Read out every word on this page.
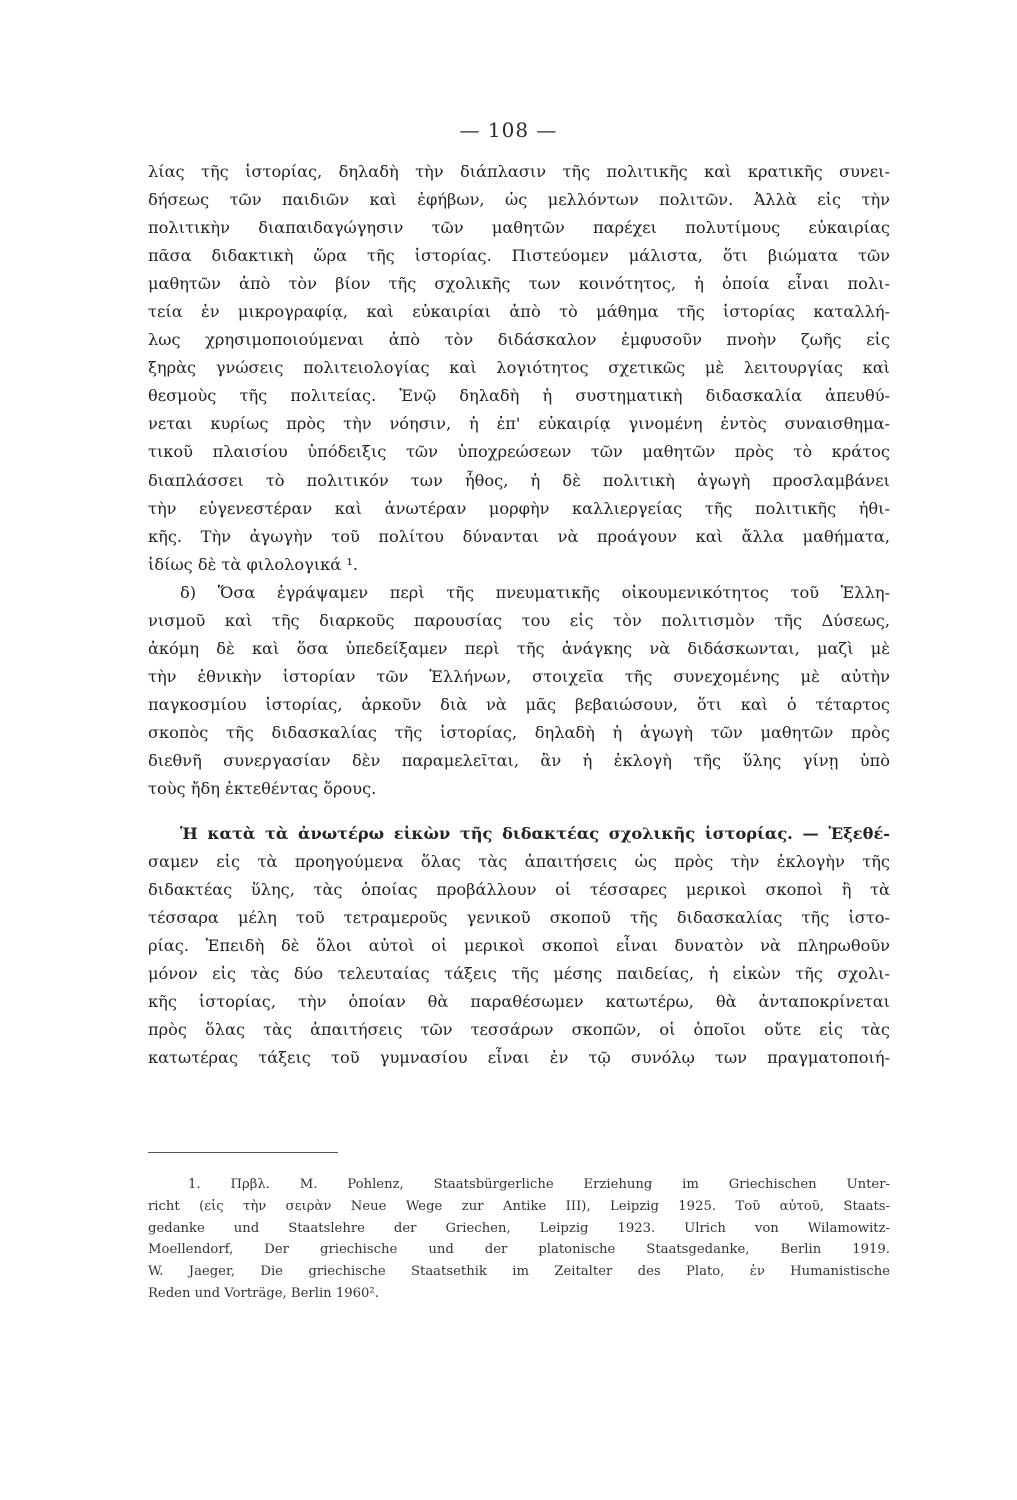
— 108 —
λίας τῆς ἱστορίας, δηλαδὴ τὴν διάπλασιν τῆς πολιτικῆς καὶ κρατικῆς συνει-
δήσεως τῶν παιδιῶν καὶ ἐφήβων, ὡς μελλόντων πολιτῶν. Ἀλλὰ εἰς τὴν
πολιτικὴν διαπαιδαγώγησιν τῶν μαθητῶν παρέχει πολυτίμους εὐκαιρίας
πᾶσα διδακτικὴ ὥρα τῆς ἱστορίας. Πιστεύομεν μάλιστα, ὅτι βιώματα τῶν
μαθητῶν ἀπὸ τὸν βίον τῆς σχολικῆς των κοινότητος, ἡ ὁποία εἶναι πολι-
τεία ἐν μικρογραφίᾳ, καὶ εὐκαιρίαι ἀπὸ τὸ μάθημα τῆς ἱστορίας καταλλή-
λως χρησιμοποιούμεναι ἀπὸ τὸν διδάσκαλον ἐμφυσοῦν πνοὴν ζωῆς εἰς
ξηρὰς γνώσεις πολιτειολογίας καὶ λογιότητος σχετικῶς μὲ λειτουργίας καὶ
θεσμοὺς τῆς πολιτείας. Ἐνῷ δηλαδὴ ἡ συστηματικὴ διδασκαλία ἀπευθύ-
νεται κυρίως πρὸς τὴν νόησιν, ἡ ἐπ' εὐκαιρίᾳ γινομένη ἐντὸς συναισθημα-
τικοῦ πλαισίου ὑπόδειξις τῶν ὑποχρεώσεων τῶν μαθητῶν πρὸς τὸ κράτος
διαπλάσσει τὸ πολιτικόν των ἦθος, ἡ δὲ πολιτικὴ ἀγωγὴ προσλαμβάνει
τὴν εὐγενεστέραν καὶ ἀνωτέραν μορφὴν καλλιεργείας τῆς πολιτικῆς ἠθι-
κῆς. Τὴν ἀγωγὴν τοῦ πολίτου δύνανται νὰ προάγουν καὶ ἄλλα μαθήματα,
ἰδίως δὲ τὰ φιλολογικά ¹.
δ) Ὅσα ἐγράψαμεν περὶ τῆς πνευματικῆς οἰκουμενικότητος τοῦ Ἑλλη-
νισμοῦ καὶ τῆς διαρκοῦς παρουσίας του εἰς τὸν πολιτισμὸν τῆς Δύσεως,
ἀκόμη δὲ καὶ ὅσα ὑπεδείξαμεν περὶ τῆς ἀνάγκης νὰ διδάσκωνται, μαζὶ μὲ
τὴν ἐθνικὴν ἱστορίαν τῶν Ἑλλήνων, στοιχεῖα τῆς συνεχομένης μὲ αὐτὴν
παγκοσμίου ἱστορίας, ἀρκοῦν διὰ νὰ μᾶς βεβαιώσουν, ὅτι καὶ ὁ τέταρτος
σκοπὸς τῆς διδασκαλίας τῆς ἱστορίας, δηλαδὴ ἡ ἀγωγὴ τῶν μαθητῶν πρὸς
διεθνῆ συνεργασίαν δὲν παραμελεῖται, ἂν ἡ ἐκλογὴ τῆς ὕλης γίνῃ ὑπὸ
τοὺς ἤδη ἐκτεθέντας ὅρους.
Ἡ κατὰ τὰ ἀνωτέρω εἰκὼν τῆς διδακτέας σχολικῆς ἱστορίας. — Ἐξεθέ-
σαμεν εἰς τὰ προηγούμενα ὅλας τὰς ἀπαιτήσεις ὡς πρὸς τὴν ἐκλογὴν τῆς
διδακτέας ὕλης, τὰς ὁποίας προβάλλουν οἱ τέσσαρες μερικοὶ σκοποὶ ἢ τὰ
τέσσαρα μέλη τοῦ τετραμεροῦς γενικοῦ σκοποῦ τῆς διδασκαλίας τῆς ἱστο-
ρίας. Ἐπειδὴ δὲ ὅλοι αὐτοὶ οἱ μερικοὶ σκοποὶ εἶναι δυνατὸν νὰ πληρωθοῦν
μόνον εἰς τὰς δύο τελευταίας τάξεις τῆς μέσης παιδείας, ἡ εἰκὼν τῆς σχολι-
κῆς ἱστορίας, τὴν ὁποίαν θὰ παραθέσωμεν κατωτέρω, θὰ ἀνταποκρίνεται
πρὸς ὅλας τὰς ἀπαιτήσεις τῶν τεσσάρων σκοπῶν, οἱ ὁποῖοι οὔτε εἰς τὰς
κατωτέρας τάξεις τοῦ γυμνασίου εἶναι ἐν τῷ συνόλῳ των πραγματοποιή-
1. Πρβλ. M. Pohlenz, Staatsbürgerliche Erziehung im Griechischen Unter-
richt (εἰς τὴν σειρὰν Neue Wege zur Antike III), Leipzig 1925. Τοῦ αὐτοῦ, Staats-
gedanke und Staatslehre der Griechen, Leipzig 1923. Ulrich von Wilamowitz-
Moellendorf, Der griechische und der platonische Staatsgedanke, Berlin 1919.
W. Jaeger, Die griechische Staatsethik im Zeitalter des Plato, ἐν Humanistische
Reden und Vorträge, Berlin 1960².
